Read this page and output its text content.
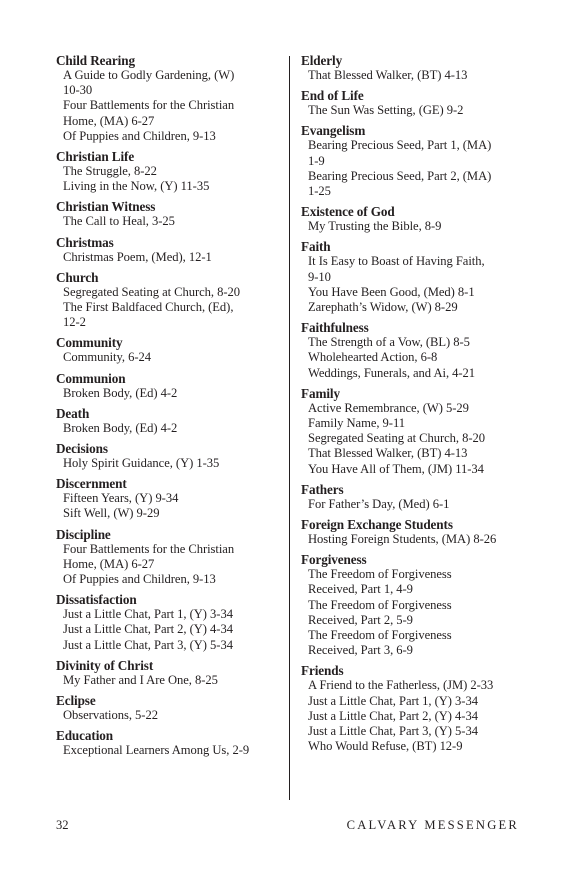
Child Rearing
A Guide to Godly Gardening, (W)
10-30
Four Battlements for the Christian
Home, (MA) 6-27
Of Puppies and Children, 9-13
Christian Life
The Struggle, 8-22
Living in the Now, (Y) 11-35
Christian Witness
The Call to Heal, 3-25
Christmas
Christmas Poem, (Med), 12-1
Church
Segregated Seating at Church, 8-20
The First Baldfaced Church, (Ed),
12-2
Community
Community, 6-24
Communion
Broken Body, (Ed) 4-2
Death
Broken Body, (Ed) 4-2
Decisions
Holy Spirit Guidance, (Y) 1-35
Discernment
Fifteen Years, (Y) 9-34
Sift Well, (W) 9-29
Discipline
Four Battlements for the Christian
Home, (MA) 6-27
Of Puppies and Children, 9-13
Dissatisfaction
Just a Little Chat, Part 1, (Y) 3-34
Just a Little Chat, Part 2, (Y) 4-34
Just a Little Chat, Part 3, (Y) 5-34
Divinity of Christ
My Father and I Are One, 8-25
Eclipse
Observations, 5-22
Education
Exceptional Learners Among Us, 2-9
Elderly
That Blessed Walker, (BT) 4-13
End of Life
The Sun Was Setting, (GE) 9-2
Evangelism
Bearing Precious Seed, Part 1, (MA)
1-9
Bearing Precious Seed, Part 2, (MA)
1-25
Existence of God
My Trusting the Bible, 8-9
Faith
It Is Easy to Boast of Having Faith,
9-10
You Have Been Good, (Med) 8-1
Zarephath’s Widow, (W) 8-29
Faithfulness
The Strength of a Vow, (BL) 8-5
Wholehearted Action, 6-8
Weddings, Funerals, and Ai, 4-21
Family
Active Remembrance, (W) 5-29
Family Name, 9-11
Segregated Seating at Church, 8-20
That Blessed Walker, (BT) 4-13
You Have All of Them, (JM) 11-34
Fathers
For Father’s Day, (Med) 6-1
Foreign Exchange Students
Hosting Foreign Students, (MA) 8-26
Forgiveness
The Freedom of Forgiveness
Received, Part 1, 4-9
The Freedom of Forgiveness
Received, Part 2, 5-9
The Freedom of Forgiveness
Received, Part 3, 6-9
Friends
A Friend to the Fatherless, (JM) 2-33
Just a Little Chat, Part 1, (Y) 3-34
Just a Little Chat, Part 2, (Y) 4-34
Just a Little Chat, Part 3, (Y) 5-34
Who Would Refuse, (BT) 12-9
32	CALVARY MESSENGER
